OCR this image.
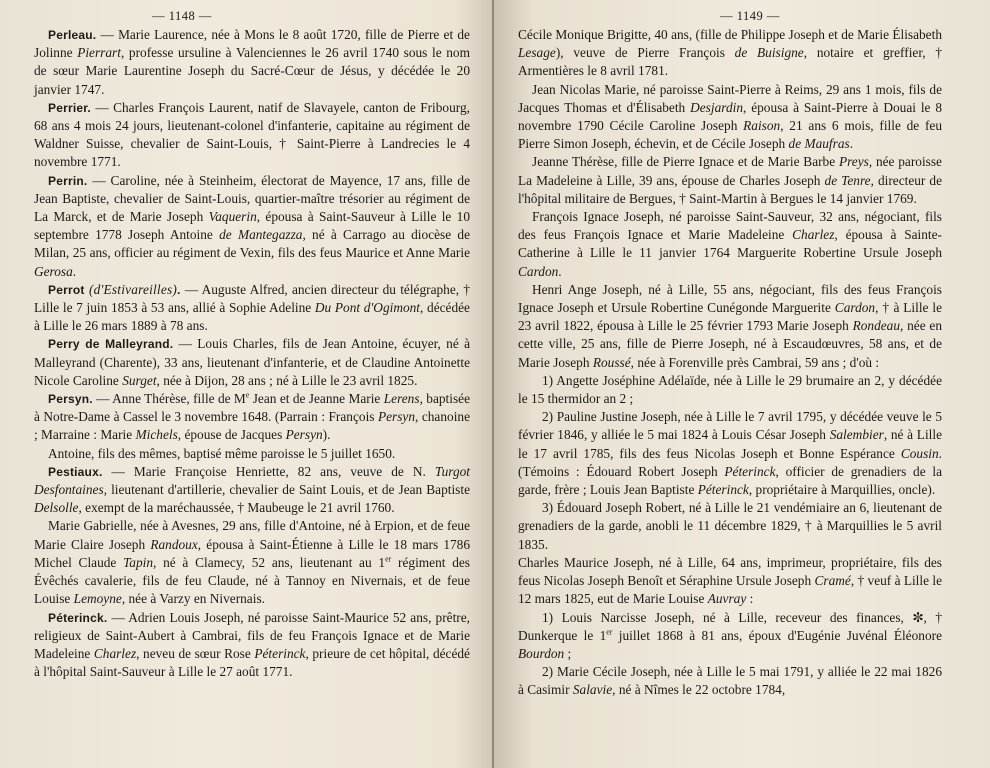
— 1148 —

Perleau. — Marie Laurence, née à Mons le 8 août 1720, fille de Pierre et de Jolinne Pierrart, professe ursuline à Valenciennes le 26 avril 1740 sous le nom de sœur Marie Laurentine Joseph du Sacré-Cœur de Jésus, y décédée le 20 janvier 1747.

Perrier. — Charles François Laurent, natif de Slavayele, canton de Fribourg, 68 ans 4 mois 24 jours, lieutenant-colonel d'infanterie, capitaine au régiment de Waldner Suisse, chevalier de Saint-Louis, † Saint-Pierre à Landrecies le 4 novembre 1771.

Perrin. — Caroline, née à Steinheim, électorat de Mayence, 17 ans, fille de Jean Baptiste, chevalier de Saint-Louis, quartier-maître trésorier au régiment de La Marck, et de Marie Joseph Vaquerin, épousa à Saint-Sauveur à Lille le 10 septembre 1778 Joseph Antoine de Mantegazza, né à Carrago au diocèse de Milan, 25 ans, officier au régiment de Vexin, fils des feus Maurice et Anne Marie Gerosa.

Perrot (d'Estivareilles). — Auguste Alfred, ancien directeur du télégraphe, † Lille le 7 juin 1853 à 53 ans, allié à Sophie Adeline Du Pont d'Ogimont, décédée à Lille le 26 mars 1889 à 78 ans.

Perry de Malleyrand. — Louis Charles, fils de Jean Antoine, écuyer, né à Malleyrand (Charente), 33 ans, lieutenant d'infanterie, et de Claudine Antoinette Nicole Caroline Surget, née à Dijon, 28 ans ; né à Lille le 23 avril 1825.

Persyn. — Anne Thérèse, fille de Me Jean et de Jeanne Marie Lerens, baptisée à Notre-Dame à Cassel le 3 novembre 1648. (Parrain : François Persyn, chanoine ; Marraine : Marie Michels, épouse de Jacques Persyn).

Antoine, fils des mêmes, baptisé même paroisse le 5 juillet 1650.

Pestiaux. — Marie Françoise Henriette, 82 ans, veuve de N. Turgot Desfontaines, lieutenant d'artillerie, chevalier de Saint Louis, et de Jean Baptiste Delsolle, exempt de la maréchaussée, † Maubeuge le 21 avril 1760.

Marie Gabrielle, née à Avesnes, 29 ans, fille d'Antoine, né à Erpion, et de feue Marie Claire Joseph Randoux, épousa à Saint-Étienne à Lille le 18 mars 1786 Michel Claude Tapin, né à Clamecy, 52 ans, lieutenant au 1er régiment des Évêchés cavalerie, fils de feu Claude, né à Tannoy en Nivernais, et de feue Louise Lemoyne, née à Varzy en Nivernais.

Péterinck. — Adrien Louis Joseph, né paroisse Saint-Maurice 52 ans, prêtre, religieux de Saint-Aubert à Cambrai, fils de feu François Ignace et de Marie Madeleine Charlez, neveu de sœur Rose Péterinck, prieure de cet hôpital, décédé à l'hôpital Saint-Sauveur à Lille le 27 août 1771.

— 1149 —

Cécile Monique Brigitte, 40 ans, (fille de Philippe Joseph et de Marie Élisabeth Lesage), veuve de Pierre François de Buisigne, notaire et greffier, † Armentières le 8 avril 1781.

Jean Nicolas Marie, né paroisse Saint-Pierre à Reims, 29 ans 1 mois, fils de Jacques Thomas et d'Élisabeth Desjardin, épousa à Saint-Pierre à Douai le 8 novembre 1790 Cécile Caroline Joseph Raison, 21 ans 6 mois, fille de feu Pierre Simon Joseph, échevin, et de Cécile Joseph de Maufras.

Jeanne Thérèse, fille de Pierre Ignace et de Marie Barbe Preys, née paroisse La Madeleine à Lille, 39 ans, épouse de Charles Joseph de Tenre, directeur de l'hôpital militaire de Bergues, † Saint-Martin à Bergues le 14 janvier 1769.

François Ignace Joseph, né paroisse Saint-Sauveur, 32 ans, négociant, fils des feus François Ignace et Marie Madeleine Charlez, épousa à Sainte-Catherine à Lille le 11 janvier 1764 Marguerite Robertine Ursule Joseph Cardon.

Henri Ange Joseph, né à Lille, 55 ans, négociant, fils des feus François Ignace Joseph et Ursule Robertine Cunégonde Marguerite Cardon, † à Lille le 23 avril 1822, épousa à Lille le 25 février 1793 Marie Joseph Rondeau, née en cette ville, 25 ans, fille de Pierre Joseph, né à Escaudœuvres, 58 ans, et de Marie Joseph Roussé, née à Forenville près Cambrai, 59 ans ; d'où :

1) Angette Joséphine Adélaïde, née à Lille le 29 brumaire an 2, y décédée le 15 thermidor an 2 ;

2) Pauline Justine Joseph, née à Lille le 7 avril 1795, y décédée veuve le 5 février 1846, y alliée le 5 mai 1824 à Louis César Joseph Salembier, né à Lille le 17 avril 1785, fils des feus Nicolas Joseph et Bonne Espérance Cousin. (Témoins : Édouard Robert Joseph Péterinck, officier de grenadiers de la garde, frère ; Louis Jean Baptiste Péterinck, propriétaire à Marquillies, oncle).

3) Édouard Joseph Robert, né à Lille le 21 vendémiaire an 6, lieutenant de grenadiers de la garde, anobli le 11 décembre 1829, † à Marquillies le 5 avril 1835.

Charles Maurice Joseph, né à Lille, 64 ans, imprimeur, propriétaire, fils des feus Nicolas Joseph Benoît et Séraphine Ursule Joseph Cramé, † veuf à Lille le 12 mars 1825, eut de Marie Louise Auvray :

1) Louis Narcisse Joseph, né à Lille, receveur des finances, ✼, † Dunkerque le 1er juillet 1868 à 81 ans, époux d'Eugénie Juvénal Éléonore Bourdon ;

2) Marie Cécile Joseph, née à Lille le 5 mai 1791, y alliée le 22 mai 1826 à Casimir Salavie, né à Nîmes le 22 octobre 1784,
